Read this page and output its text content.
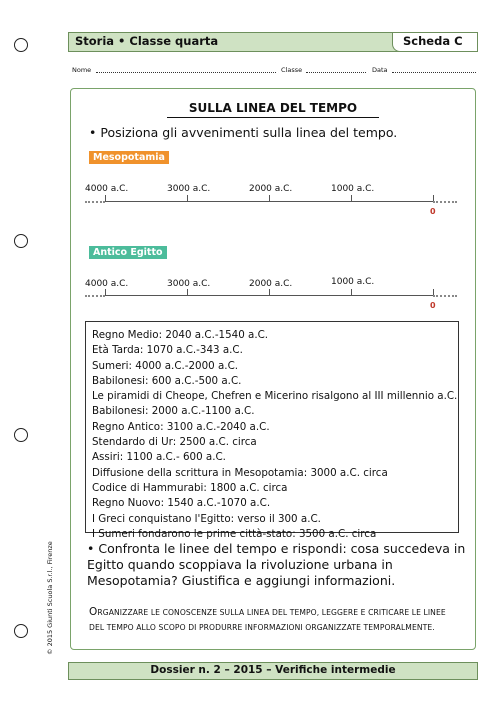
Storia • Classe quarta	Scheda C
Nome	Classe	Data
SULLA LINEA DEL TEMPO
• Posiziona gli avvenimenti sulla linea del tempo.
Mesopotamia
4000 a.C.	3000 a.C.	2000 a.C.	1000 a.C.
0
Antico Egitto
4000 a.C.	3000 a.C.	2000 a.C.	1000 a.C.
0
Regno Medio: 2040 a.C.-1540 a.C.
Età Tarda: 1070 a.C.-343 a.C.
Sumeri: 4000 a.C.-2000 a.C.
Babilonesi: 600 a.C.-500 a.C.
Le piramidi di Cheope, Chefren e Micerino risalgono al III millennio a.C.
Babilonesi: 2000 a.C.-1100 a.C.
Regno Antico: 3100 a.C.-2040 a.C.
Stendardo di Ur: 2500 a.C. circa
Assiri: 1100 a.C.- 600 a.C.
Diffusione della scrittura in Mesopotamia: 3000 a.C. circa
Codice di Hammurabi: 1800 a.C. circa
Regno Nuovo: 1540 a.C.-1070 a.C.
I Greci conquistano l'Egitto: verso il 300 a.C.
I Sumeri fondarono le prime città-stato: 3500 a.C. circa
• Confronta le linee del tempo e rispondi: cosa succedeva in Egitto quando scoppiava la rivoluzione urbana in Mesopotamia? Giustifica e aggiungi informazioni.
ORGANIZZARE LE CONOSCENZE SULLA LINEA DEL TEMPO, LEGGERE E CRITICARE LE LINEE DEL TEMPO ALLO SCOPO DI PRODURRE INFORMAZIONI ORGANIZZATE TEMPORALMENTE.
© 2015 Giunti Scuola S.r.l., Firenze
Dossier n. 2 – 2015 – Verifiche intermedie
